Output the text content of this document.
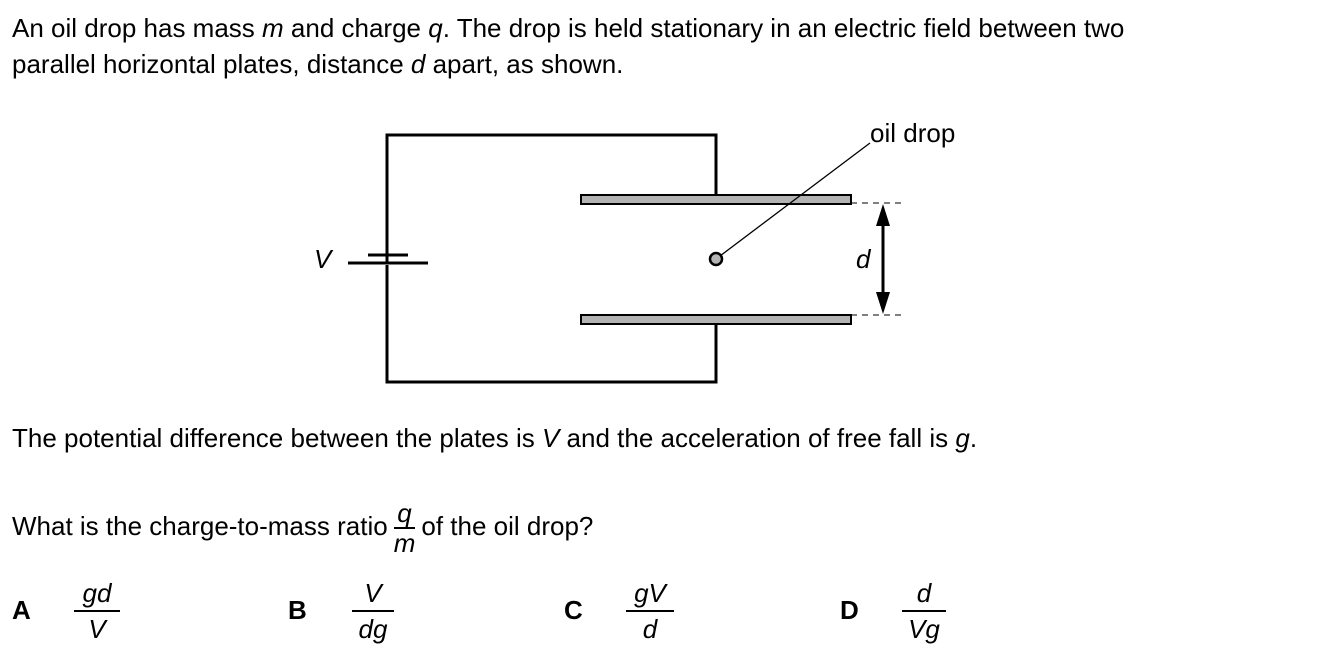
An oil drop has mass m and charge q. The drop is held stationary in an electric field between two
parallel horizontal plates, distance d apart, as shown.
oil drop
V	d
The potential difference between the plates is V and the acceleration of free fall is g.
What is the charge-to-mass ratio $\frac{q}{m}$ of the oil drop?
A
gd
V
B
V
dg
C
gV
d
D
d
Vg
